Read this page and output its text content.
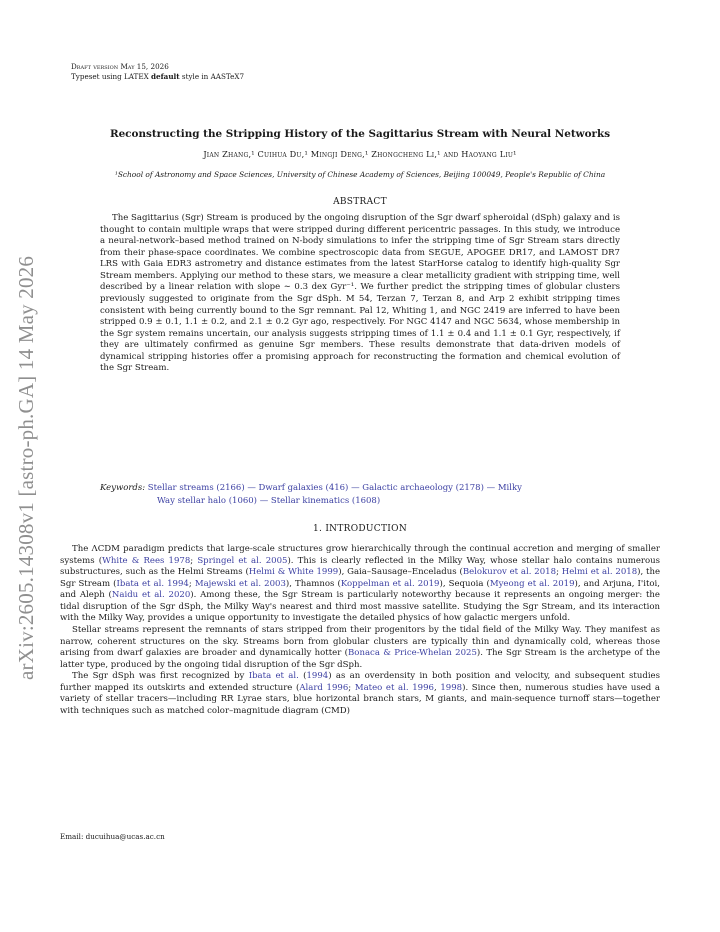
arXiv:2605.14308v1 [astro-ph.GA] 14 May 2026
Draft version May 15, 2026
Typeset using LATEX default style in AASTeX7
Reconstructing the Stripping History of the Sagittarius Stream with Neural Networks
Jian Zhang,¹ Cuihua Du,¹ Mingji Deng,¹ Zhongcheng Li,¹ and Haoyang Liu¹
¹School of Astronomy and Space Sciences, University of Chinese Academy of Sciences, Beijing 100049, People's Republic of China
ABSTRACT
The Sagittarius (Sgr) Stream is produced by the ongoing disruption of the Sgr dwarf spheroidal (dSph) galaxy and is thought to contain multiple wraps that were stripped during different pericentric passages. In this study, we introduce a neural-network–based method trained on N-body simulations to infer the stripping time of Sgr Stream stars directly from their phase-space coordinates. We combine spectroscopic data from SEGUE, APOGEE DR17, and LAMOST DR7 LRS with Gaia EDR3 astrometry and distance estimates from the latest StarHorse catalog to identify high-quality Sgr Stream members. Applying our method to these stars, we measure a clear metallicity gradient with stripping time, well described by a linear relation with slope ∼ 0.3 dex Gyr⁻¹. We further predict the stripping times of globular clusters previously suggested to originate from the Sgr dSph. M 54, Terzan 7, Terzan 8, and Arp 2 exhibit stripping times consistent with being currently bound to the Sgr remnant. Pal 12, Whiting 1, and NGC 2419 are inferred to have been stripped 0.9 ± 0.1, 1.1 ± 0.2, and 2.1 ± 0.2 Gyr ago, respectively. For NGC 4147 and NGC 5634, whose membership in the Sgr system remains uncertain, our analysis suggests stripping times of 1.1 ± 0.4 and 1.1 ± 0.1 Gyr, respectively, if they are ultimately confirmed as genuine Sgr members. These results demonstrate that data-driven models of dynamical stripping histories offer a promising approach for reconstructing the formation and chemical evolution of the Sgr Stream.
Keywords: Stellar streams (2166) — Dwarf galaxies (416) — Galactic archaeology (2178) — Milky
Way stellar halo (1060) — Stellar kinematics (1608)
1. INTRODUCTION

The ΛCDM paradigm predicts that large-scale structures grow hierarchically through the continual accretion and merging of smaller systems (White & Rees 1978; Springel et al. 2005). This is clearly reflected in the Milky Way, whose stellar halo contains numerous substructures, such as the Helmi Streams (Helmi & White 1999), Gaia–Sausage–Enceladus (Belokurov et al. 2018; Helmi et al. 2018), the Sgr Stream (Ibata et al. 1994; Majewski et al. 2003), Thamnos (Koppelman et al. 2019), Sequoia (Myeong et al. 2019), and Arjuna, I'itoi, and Aleph (Naidu et al. 2020). Among these, the Sgr Stream is particularly noteworthy because it represents an ongoing merger: the tidal disruption of the Sgr dSph, the Milky Way's nearest and third most massive satellite. Studying the Sgr Stream, and its interaction with the Milky Way, provides a unique opportunity to investigate the detailed physics of how galactic mergers unfold.

Stellar streams represent the remnants of stars stripped from their progenitors by the tidal field of the Milky Way. They manifest as narrow, coherent structures on the sky. Streams born from globular clusters are typically thin and dynamically cold, whereas those arising from dwarf galaxies are broader and dynamically hotter (Bonaca & Price-Whelan 2025). The Sgr Stream is the archetype of the latter type, produced by the ongoing tidal disruption of the Sgr dSph.

The Sgr dSph was first recognized by Ibata et al. (1994) as an overdensity in both position and velocity, and subsequent studies further mapped its outskirts and extended structure (Alard 1996; Mateo et al. 1996, 1998). Since then, numerous studies have used a variety of stellar tracers—including RR Lyrae stars, blue horizontal branch stars, M giants, and main-sequence turnoff stars—together with techniques such as matched color–magnitude diagram (CMD)

Email: ducuihua@ucas.ac.cn
